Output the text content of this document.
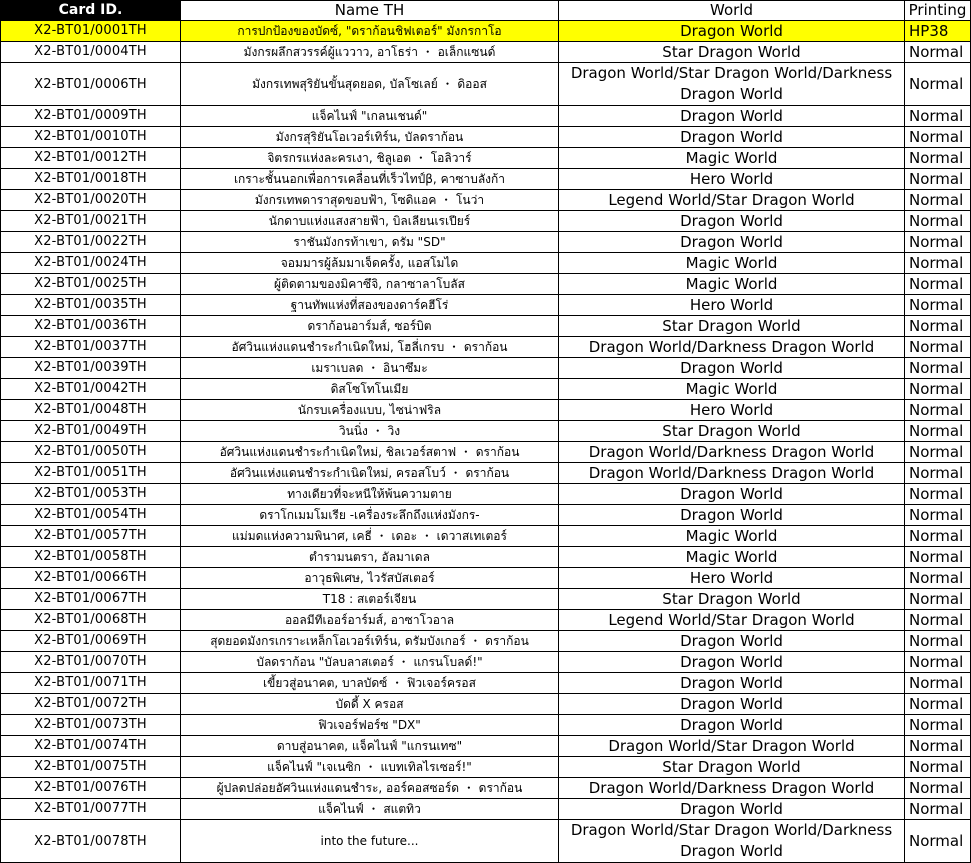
Card ID.	Name TH	World	Printing
X2-BT01/0001TH	การปกป้องของบัดซ์, "ดราก้อนชิฟเตอร์" มังกรกาโอ	Dragon World	HP38
X2-BT01/0004TH	มังกรผลึกสวรรค์ผู้แววาว, อาโธร่า ・ อเล็กแซนด์	Star Dragon World	Normal
X2-BT01/0006TH	มังกรเทพสุริยันขั้นสุดยอด, บัลโซเลย์ ・ ดิออส	Dragon World/Star Dragon World/Darkness Dragon World	Normal
X2-BT01/0009TH	แจ็คไนฟ์ "เกลนเชนด์"	Dragon World	Normal
X2-BT01/0010TH	มังกรสุริยันโอเวอร์เทิร์น, บัลดราก้อน	Dragon World	Normal
X2-BT01/0012TH	จิตรกรแห่งละครเงา, ชิลูเอต ・ โอลิวาร์	Magic World	Normal
X2-BT01/0018TH	เกราะชั้นนอกเพื่อการเคลื่อนที่เร็วไทป์β, คาซาบลังก้า	Hero World	Normal
X2-BT01/0020TH	มังกรเทพดาราสุดขอบฟ้า, โซดิแอค ・ โนว่า	Legend World/Star Dragon World	Normal
X2-BT01/0021TH	นักดาบแห่งแสงสายฟ้า, บิลเลียนเรเปียร์	Dragon World	Normal
X2-BT01/0022TH	ราชันมังกรท้าเขา, ดรัม "SD"	Dragon World	Normal
X2-BT01/0024TH	จอมมารผู้ล้มมาเจ็ดครั้ง, แอสโมได	Magic World	Normal
X2-BT01/0025TH	ผู้ติดตามของมิคาซึจิ, กลาซาลาโบลัส	Magic World	Normal
X2-BT01/0035TH	ฐานทัพแห่งที่สองของดาร์คฮีโร่	Hero World	Normal
X2-BT01/0036TH	ดราก้อนอาร์มส์, ซอร์บิต	Star Dragon World	Normal
X2-BT01/0037TH	อัศวินแห่งแดนชำระกำเนิดใหม่, โฮลี่เกรบ ・ ดราก้อน	Dragon World/Darkness Dragon World	Normal
X2-BT01/0039TH	เมราเบลด ・ อินาซึมะ	Dragon World	Normal
X2-BT01/0042TH	ดิสโซโทโนเมีย	Magic World	Normal
X2-BT01/0048TH	นักรบเครื่องแบบ, ไซน่าฟริล	Hero World	Normal
X2-BT01/0049TH	วินนิ่ง ・ วิง	Star Dragon World	Normal
X2-BT01/0050TH	อัศวินแห่งแดนชำระกำเนิดใหม่, ชิลเวอร์สตาฟ ・ ดราก้อน	Dragon World/Darkness Dragon World	Normal
X2-BT01/0051TH	อัศวินแห่งแดนชำระกำเนิดใหม่, ครอสโบว์ ・ ดราก้อน	Dragon World/Darkness Dragon World	Normal
X2-BT01/0053TH	ทางเดียวที่จะหนีให้พ้นความตาย	Dragon World	Normal
X2-BT01/0054TH	ดราโกเมมโมเรีย -เครื่องระลึกถึงแห่งมังกร-	Dragon World	Normal
X2-BT01/0057TH	แม่มดแห่งความพินาศ, เคธี่ ・ เดอะ ・ เดวาสเทเตอร์	Magic World	Normal
X2-BT01/0058TH	ตำรามนตรา, อัลมาเดล	Magic World	Normal
X2-BT01/0066TH	อาวุธพิเศษ, ไวรัสบัสเตอร์	Hero World	Normal
X2-BT01/0067TH	T18 : สเตอร์เจียน	Star Dragon World	Normal
X2-BT01/0068TH	ออลมีทีเออร์อาร์มส์, อาซาโวอาล	Legend World/Star Dragon World	Normal
X2-BT01/0069TH	สุดยอดมังกรเกราะเหล็กโอเวอร์เทิร์น, ดรัมบังเกอร์ ・ ดราก้อน	Dragon World	Normal
X2-BT01/0070TH	บัลดราก้อน "บัลบลาสเตอร์ ・ แกรนโบลด์!"	Dragon World	Normal
X2-BT01/0071TH	เขี้ยวสู่อนาคต, บาลบัดซ์ ・ ฟิวเจอร์ครอส	Dragon World	Normal
X2-BT01/0072TH	บัดดี้ X ครอส	Dragon World	Normal
X2-BT01/0073TH	ฟิวเจอร์ฟอร์ซ "DX"	Dragon World	Normal
X2-BT01/0074TH	ดาบสู่อนาคต, แจ็คไนฟ์ "แกรนเทซ"	Dragon World/Star Dragon World	Normal
X2-BT01/0075TH	แจ็คไนฟ์ "เจเนซิก ・ แบทเทิลไรเซอร์!"	Star Dragon World	Normal
X2-BT01/0076TH	ผู้ปลดปล่อยอัศวินแห่งแดนชำระ, ออร์คอสซอร์ด ・ ดราก้อน	Dragon World/Darkness Dragon World	Normal
X2-BT01/0077TH	แจ็คไนฟ์ ・ สแตทิว	Dragon World	Normal
X2-BT01/0078TH	into the future...	Dragon World/Star Dragon World/Darkness Dragon World	Normal
